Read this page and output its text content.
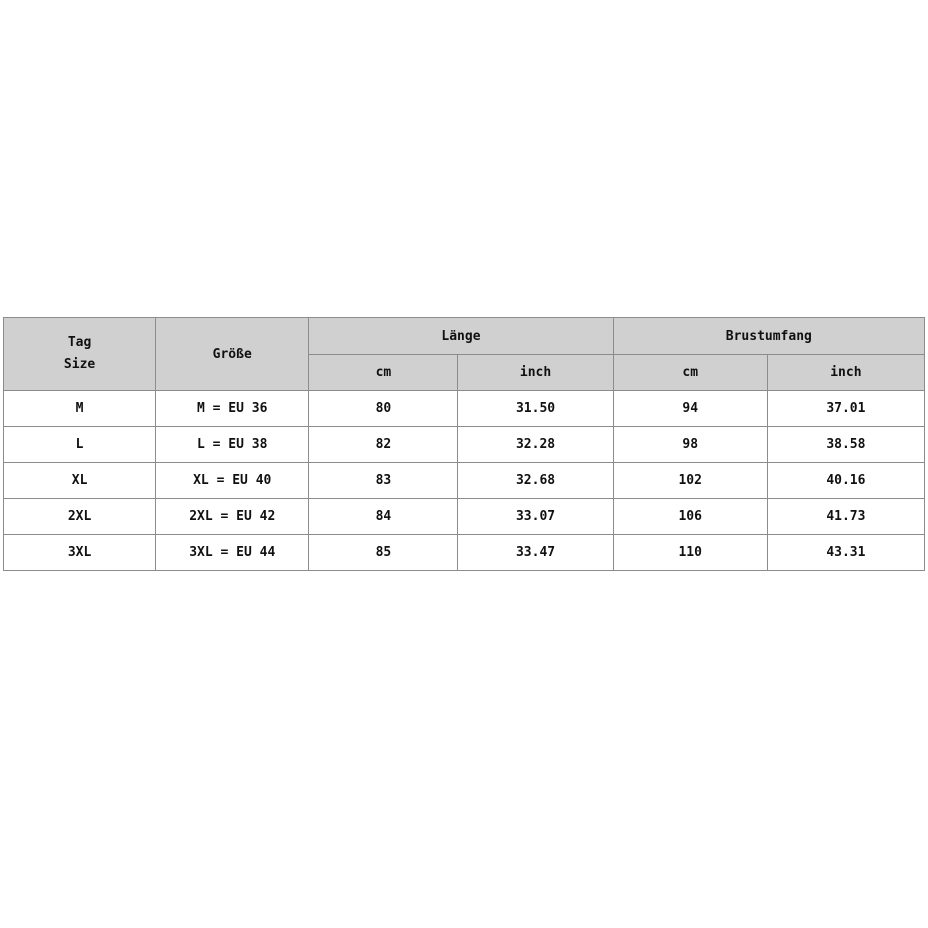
Tag
Size	Größe	Länge		Brustumfang	
		cm	inch	cm	inch
M	M = EU 36	80	31.50	94	37.01
L	L = EU 38	82	32.28	98	38.58
XL	XL = EU 40	83	32.68	102	40.16
2XL	2XL = EU 42	84	33.07	106	41.73
3XL	3XL = EU 44	85	33.47	110	43.31
